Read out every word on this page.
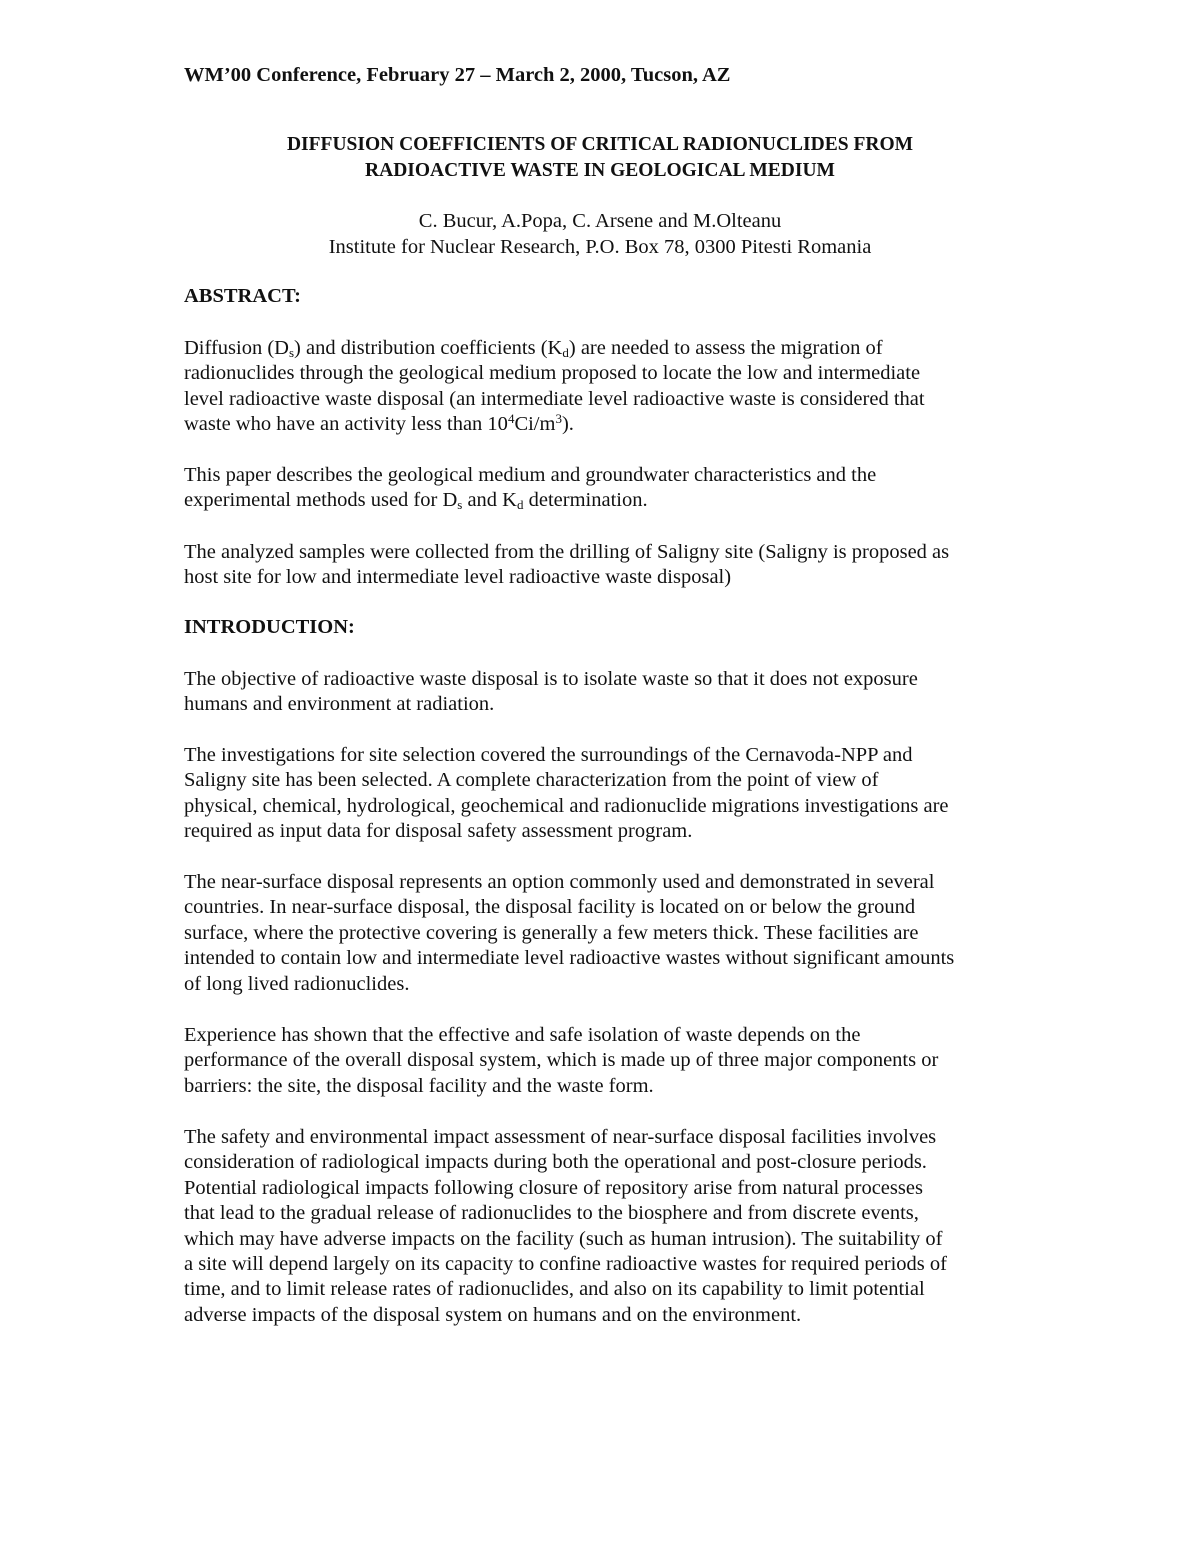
WM’00 Conference, February 27 – March 2, 2000, Tucson, AZ
DIFFUSION COEFFICIENTS OF CRITICAL RADIONUCLIDES FROM
RADIOACTIVE WASTE IN GEOLOGICAL MEDIUM
C. Bucur, A.Popa, C. Arsene and M.Olteanu
Institute for Nuclear Research, P.O. Box 78, 0300 Pitesti Romania
ABSTRACT:
Diffusion $(D_s)$ and distribution coefficients $(K_d)$ are needed to assess the migration of
radionuclides through the geological medium proposed to locate the low and intermediate
level radioactive waste disposal (an intermediate level radioactive waste is considered that
waste who have an activity less than $10^4Ci/m^3$).
This paper describes the geological medium and groundwater characteristics and the
experimental methods used for $D_s$ and $K_d$ determination.
The analyzed samples were collected from the drilling of Saligny site (Saligny is proposed as
host site for low and intermediate level radioactive waste disposal)
INTRODUCTION:
The objective of radioactive waste disposal is to isolate waste so that it does not exposure
humans and environment at radiation.
The investigations for site selection covered the surroundings of the Cernavoda-NPP and
Saligny site has been selected. A complete characterization from the point of view of
physical, chemical, hydrological, geochemical and radionuclide migrations investigations are
required as input data for disposal safety assessment program.
The near-surface disposal represents an option commonly used and demonstrated in several
countries. In near-surface disposal, the disposal facility is located on or below the ground
surface, where the protective covering is generally a few meters thick. These facilities are
intended to contain low and intermediate level radioactive wastes without significant amounts
of long lived radionuclides.
Experience has shown that the effective and safe isolation of waste depends on the
performance of the overall disposal system, which is made up of three major components or
barriers: the site, the disposal facility and the waste form.
The safety and environmental impact assessment of near-surface disposal facilities involves
consideration of radiological impacts during both the operational and post-closure periods.
Potential radiological impacts following closure of repository arise from natural processes
that lead to the gradual release of radionuclides to the biosphere and from discrete events,
which may have adverse impacts on the facility (such as human intrusion). The suitability of
a site will depend largely on its capacity to confine radioactive wastes for required periods of
time, and to limit release rates of radionuclides, and also on its capability to limit potential
adverse impacts of the disposal system on humans and on the environment.
